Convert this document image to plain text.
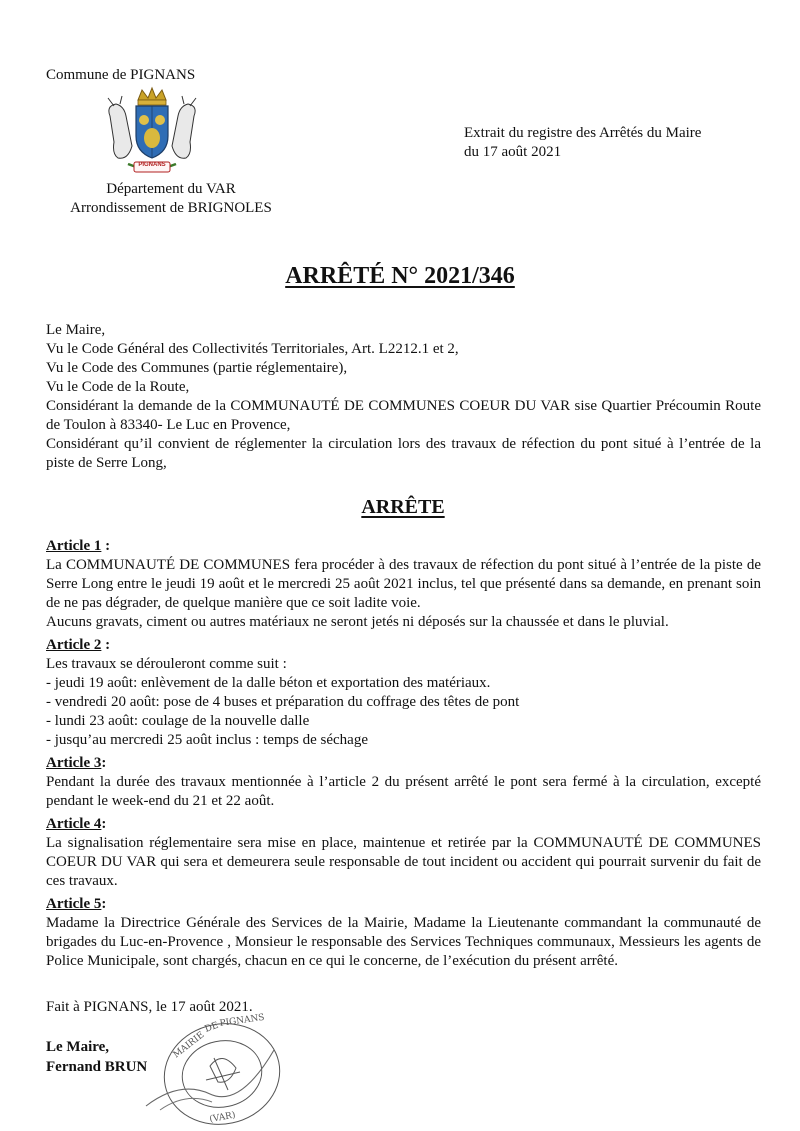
Commune de PIGNANS
PIGNANS
Département du VAR
Arrondissement de BRIGNOLES
Extrait du registre des Arrêtés du Maire
du 17 août 2021
ARRÊTÉ N° 2021/346
Le Maire,
Vu le Code Général des Collectivités Territoriales, Art. L2212.1 et 2,
Vu le Code des Communes (partie réglementaire),
Vu le Code de la Route,
Considérant la demande de la COMMUNAUTÉ DE COMMUNES COEUR DU VAR sise Quartier Précoumin Route de Toulon à 83340- Le Luc en Provence,
Considérant qu’il convient de réglementer la circulation lors des travaux de réfection du pont situé à l’entrée de la piste de Serre Long,
ARRÊTE
Article 1 :
La COMMUNAUTÉ DE COMMUNES fera procéder à des travaux de réfection du pont situé à l’entrée de la piste de Serre Long entre le jeudi 19 août et le mercredi 25 août 2021 inclus, tel que présenté dans sa demande, en prenant soin de ne pas dégrader, de quelque manière que ce soit ladite voie.
Aucuns gravats, ciment ou autres matériaux ne seront jetés ni déposés sur la chaussée et dans le pluvial.
Article 2 :
Les travaux se dérouleront comme suit :
- jeudi 19 août: enlèvement de la dalle béton et exportation des matériaux.
- vendredi 20 août: pose de 4 buses et préparation du coffrage des têtes de pont
- lundi 23 août: coulage de la nouvelle dalle
- jusqu’au mercredi 25 août inclus : temps de séchage
Article 3:
Pendant la durée des travaux mentionnée à l’article 2 du présent arrêté le pont sera fermé à la circulation, excepté pendant le week-end du 21 et 22 août.
Article 4:
La signalisation réglementaire sera mise en place, maintenue et retirée par la COMMUNAUTÉ DE COMMUNES COEUR DU VAR qui sera et demeurera seule responsable de tout incident ou accident qui pourrait survenir du fait de ces travaux.
Article 5:
Madame la Directrice Générale des Services de la Mairie, Madame la Lieutenante commandant la communauté de brigades du Luc-en-Provence , Monsieur le responsable des Services Techniques communaux, Messieurs les agents de Police Municipale, sont chargés, chacun en ce qui le concerne, de l’exécution du présent arrêté.
Fait à PIGNANS, le 17 août 2021.
MAIRIE
PIGNANS
DE
(VAR)
Le Maire,
Fernand BRUN
